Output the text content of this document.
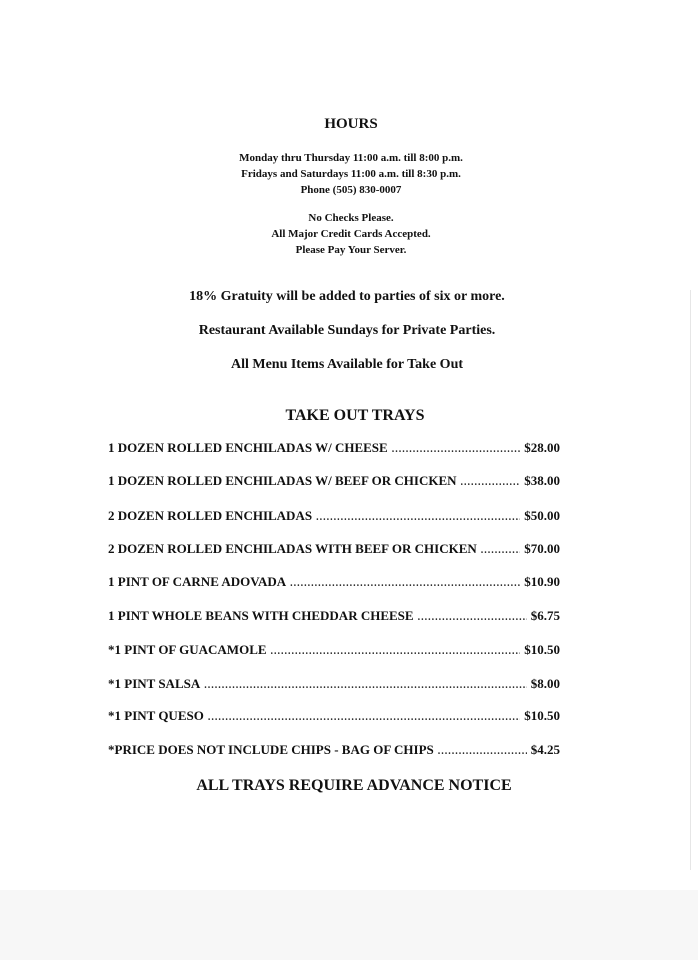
HOURS
Monday thru Thursday 11:00 a.m. till 8:00 p.m.
Fridays and Saturdays 11:00 a.m. till 8:30 p.m.
Phone (505) 830-0007
No Checks Please.
All Major Credit Cards Accepted.
Please Pay Your Server.
18% Gratuity will be added to parties of six or more.
Restaurant Available Sundays for Private Parties.
All Menu Items Available for Take Out
TAKE OUT TRAYS
1 DOZEN ROLLED ENCHILADAS W/ CHEESE .....	$28.00
1 DOZEN ROLLED ENCHILADAS W/ BEEF OR CHICKEN .....	$38.00
2 DOZEN ROLLED ENCHILADAS .....	$50.00
2 DOZEN ROLLED ENCHILADAS WITH BEEF OR CHICKEN .....	$70.00
1 PINT OF CARNE ADOVADA .....	$10.90
1 PINT WHOLE BEANS WITH CHEDDAR CHEESE .....	$6.75
*1 PINT OF GUACAMOLE .....	$10.50
*1 PINT SALSA .....	$8.00
*1 PINT QUESO .....	$10.50
*PRICE DOES NOT INCLUDE CHIPS - BAG OF CHIPS .....	$4.25
ALL TRAYS REQUIRE ADVANCE NOTICE
